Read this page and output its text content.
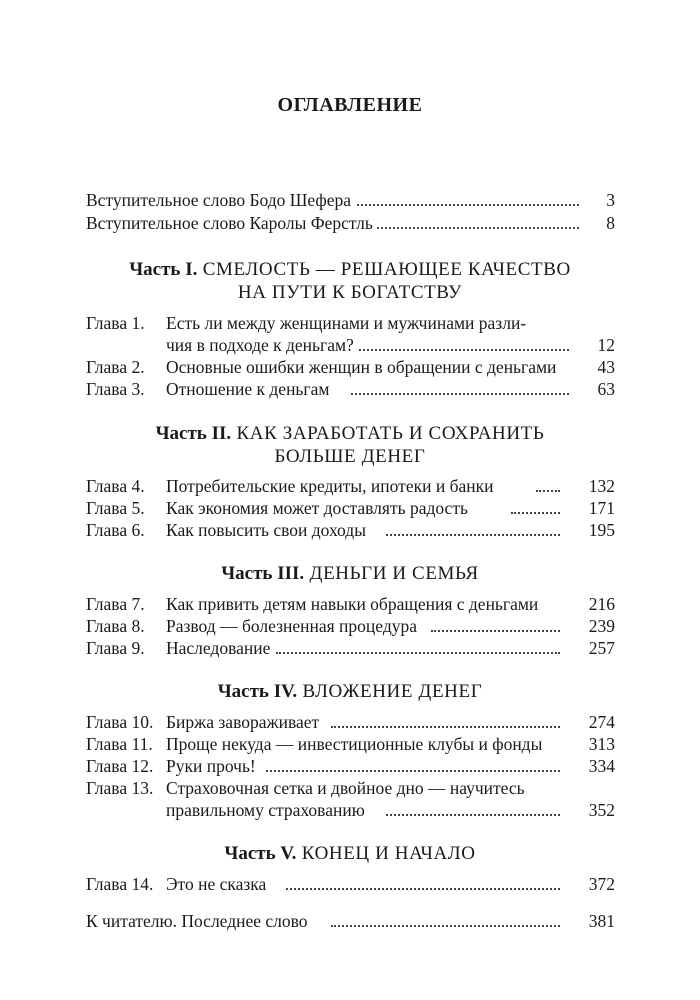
ОГЛАВЛЕНИЕ
Вступительное слово Бодо Шефера	3
Вступительное слово Каролы Ферстль	8
Часть I. СМЕЛОСТЬ — РЕШАЮЩЕЕ КАЧЕСТВО
НА ПУТИ К БОГАТСТВУ
Глава 1. Есть ли между женщинами и мужчинами разли-
чия в подходе к деньгам?	12
Глава 2. Основные ошибки женщин в обращении с деньгами 43
Глава 3. Отношение к деньгам	63
Часть II. КАК ЗАРАБОТАТЬ И СОХРАНИТЬ
БОЛЬШЕ ДЕНЕГ
Глава 4. Потребительские кредиты, ипотеки и банки	132
Глава 5. Как экономия может доставлять радость	171
Глава 6. Как повысить свои доходы	195
Часть III. ДЕНЬГИ И СЕМЬЯ
Глава 7. Как привить детям навыки обращения с деньгами	216
Глава 8. Развод — болезненная процедура	239
Глава 9. Наследование	257
Часть IV. ВЛОЖЕНИЕ ДЕНЕГ
Глава 10. Биржа завораживает	274
Глава 11. Проще некуда — инвестиционные клубы и фонды	313
Глава 12. Руки прочь!	334
Глава 13. Страховочная сетка и двойное дно — научитесь
правильному страхованию	352
Часть V. КОНЕЦ И НАЧАЛО
Глава 14. Это не сказка	372
К читателю. Последнее слово	381
